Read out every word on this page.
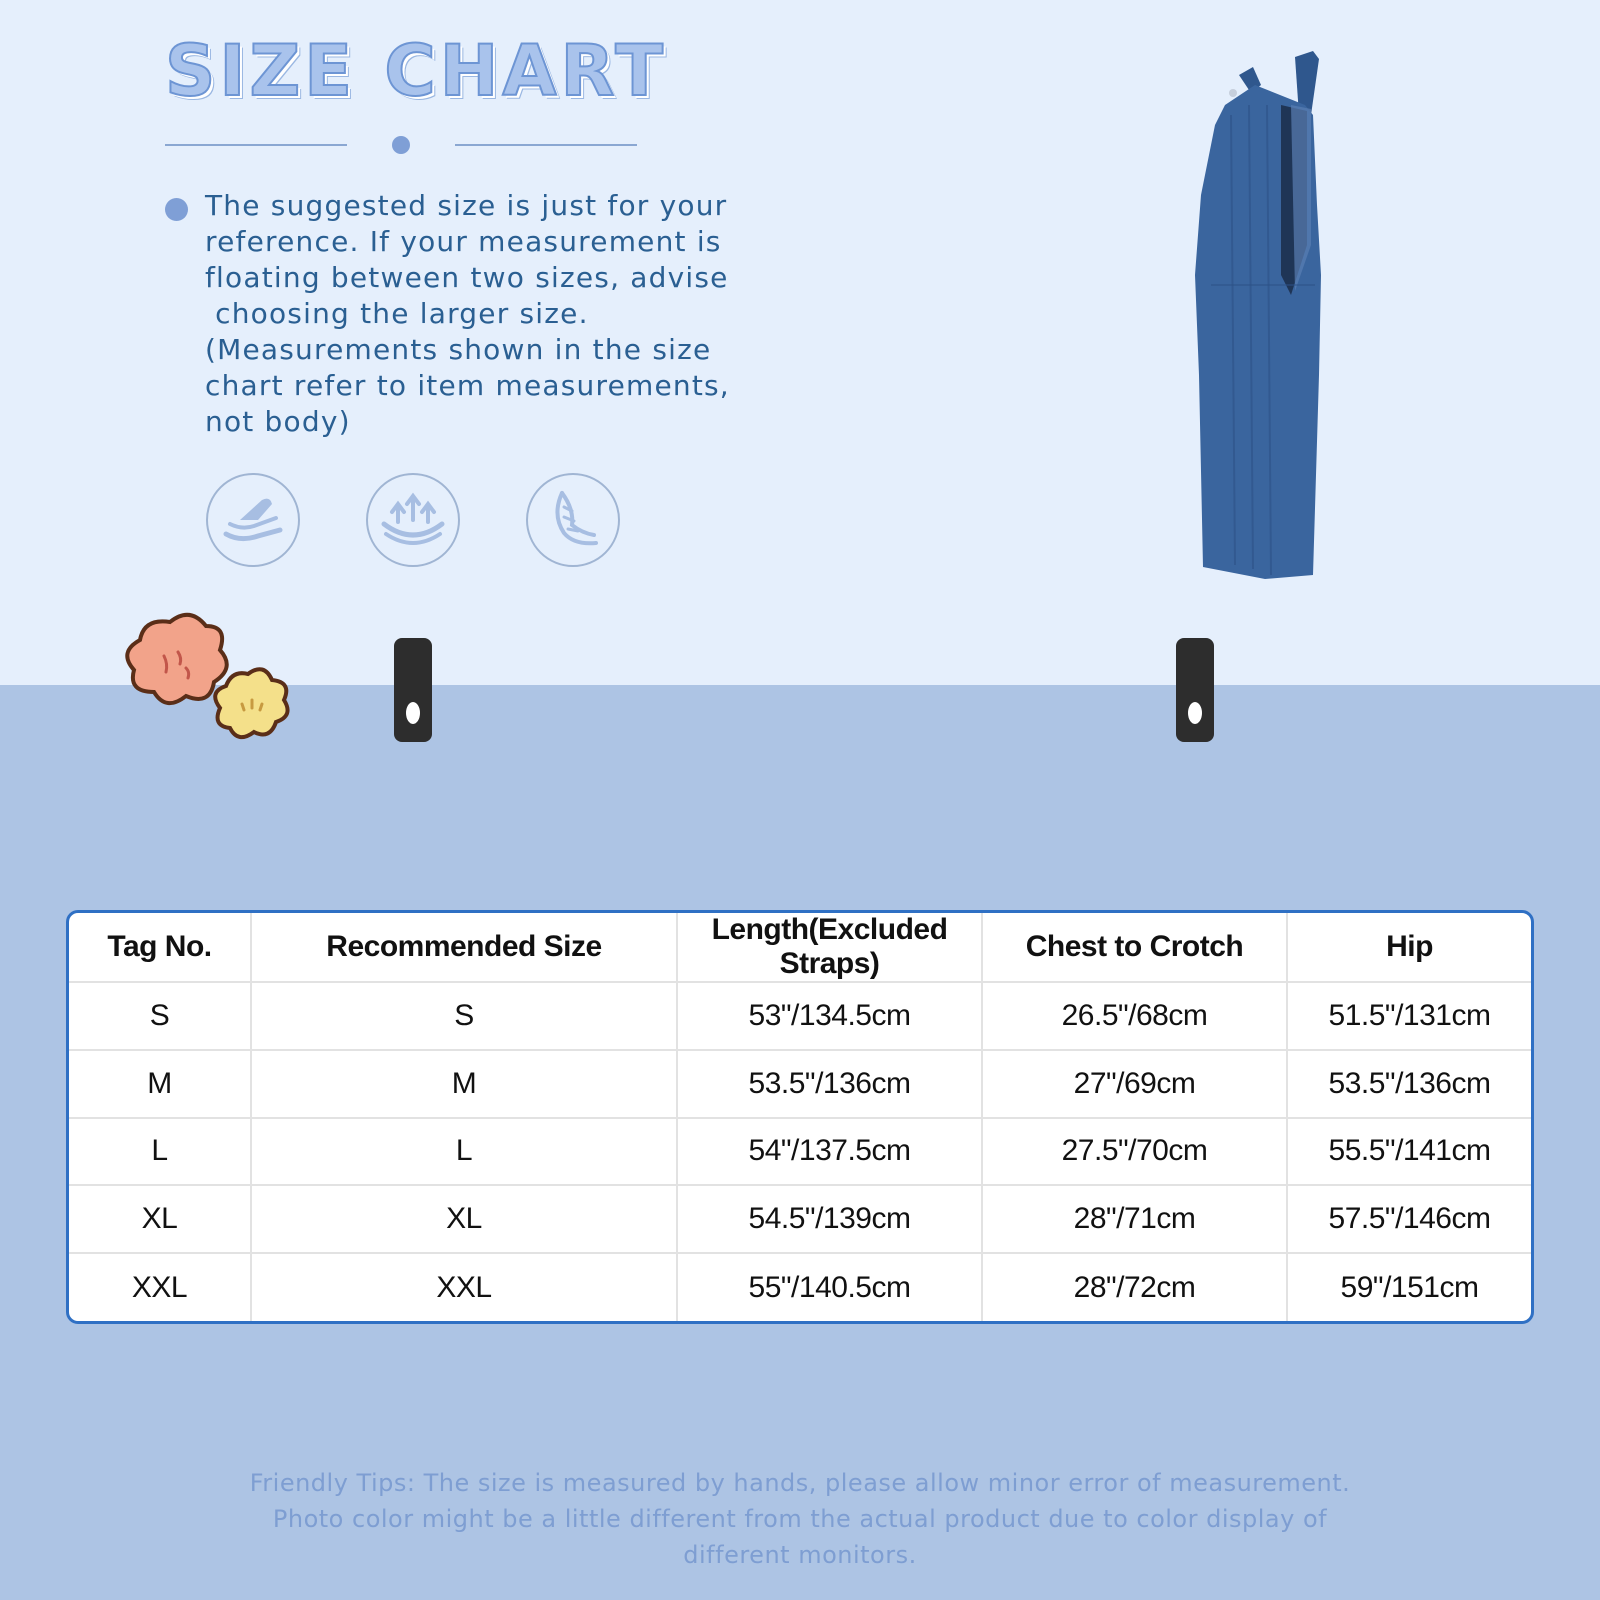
SIZE CHART
The suggested size is just for your
reference. If your measurement is
floating between two sizes, advise
choosing the larger size.
(Measurements shown in the size
chart refer to item measurements,
not body)
Tag No.	Recommended Size	Length(Excluded Straps)	Chest to Crotch	Hip
S	S	53"/134.5cm	26.5"/68cm	51.5"/131cm
M	M	53.5"/136cm	27"/69cm	53.5"/136cm
L	L	54"/137.5cm	27.5"/70cm	55.5"/141cm
XL	XL	54.5"/139cm	28"/71cm	57.5"/146cm
XXL	XXL	55"/140.5cm	28"/72cm	59"/151cm
Friendly Tips: The size is measured by hands, please allow minor error of measurement.
Photo color might be a little different from the actual product due to color display of
different monitors.
